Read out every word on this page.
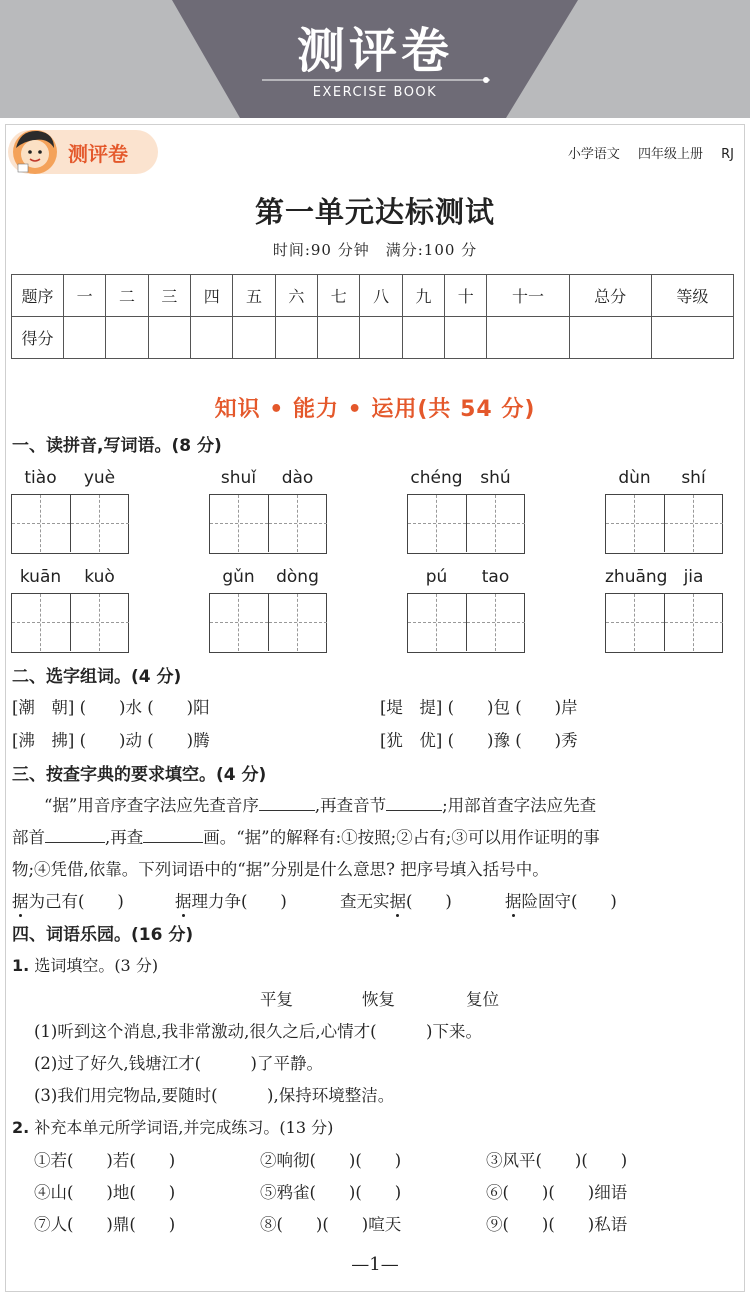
测评卷
EXERCISE BOOK
测评卷	小学语文 四年级上册 RJ
第一单元达标测试
时间:90 分钟　满分:100 分
题序	一	二	三	四	五	六	七	八	九	十	十一	总分	等级
得分													
知识 • 能力 • 运用(共 54 分)
一、读拼音,写词语。(8 分)
tiào	yuè	shuǐ	dào	chéng	shú	dùn	shí
kuān	kuò	gǔn	dòng	pú	tao	zhuāng jia
二、选字组词。(4 分)
[潮　朝] (　　)水 (　　)阳	[堤　提] (　　)包 (　　)岸
[沸　拂] (　　)动 (　　)腾	[犹　优] (　　)豫 (　　)秀
三、按查字典的要求填空。(4 分)
“据”用音序查字法应先查音序	,再查音节	;用部首查字法应先查
部首	,再查	画。“据”的解释有:①按照;②占有;③可以用作证明的事
物;④凭借,依靠。下列词语中的“据”分别是什么意思? 把序号填入括号中。
据为己有(　　)	据理力争(　　)	查无实据(　　)	据险固守(　　)
四、词语乐园。(16 分)
1. 选词填空。(3 分)
平复	恢复	复位
(1)听到这个消息,我非常激动,很久之后,心情才(　　　)下来。
(2)过了好久,钱塘江才(　　　)了平静。
(3)我们用完物品,要随时(　　　),保持环境整洁。
2. 补充本单元所学词语,并完成练习。(13 分)
①若(　　)若(　　)	②响彻(　　)(　　)	③风平(　　)(　　)
④山(　　)地(　　)	⑤鸦雀(　　)(　　)	⑥(　　)(　　)细语
⑦人(　　)鼎(　　)	⑧(　　)(　　)喧天	⑨(　　)(　　)私语
—1—
